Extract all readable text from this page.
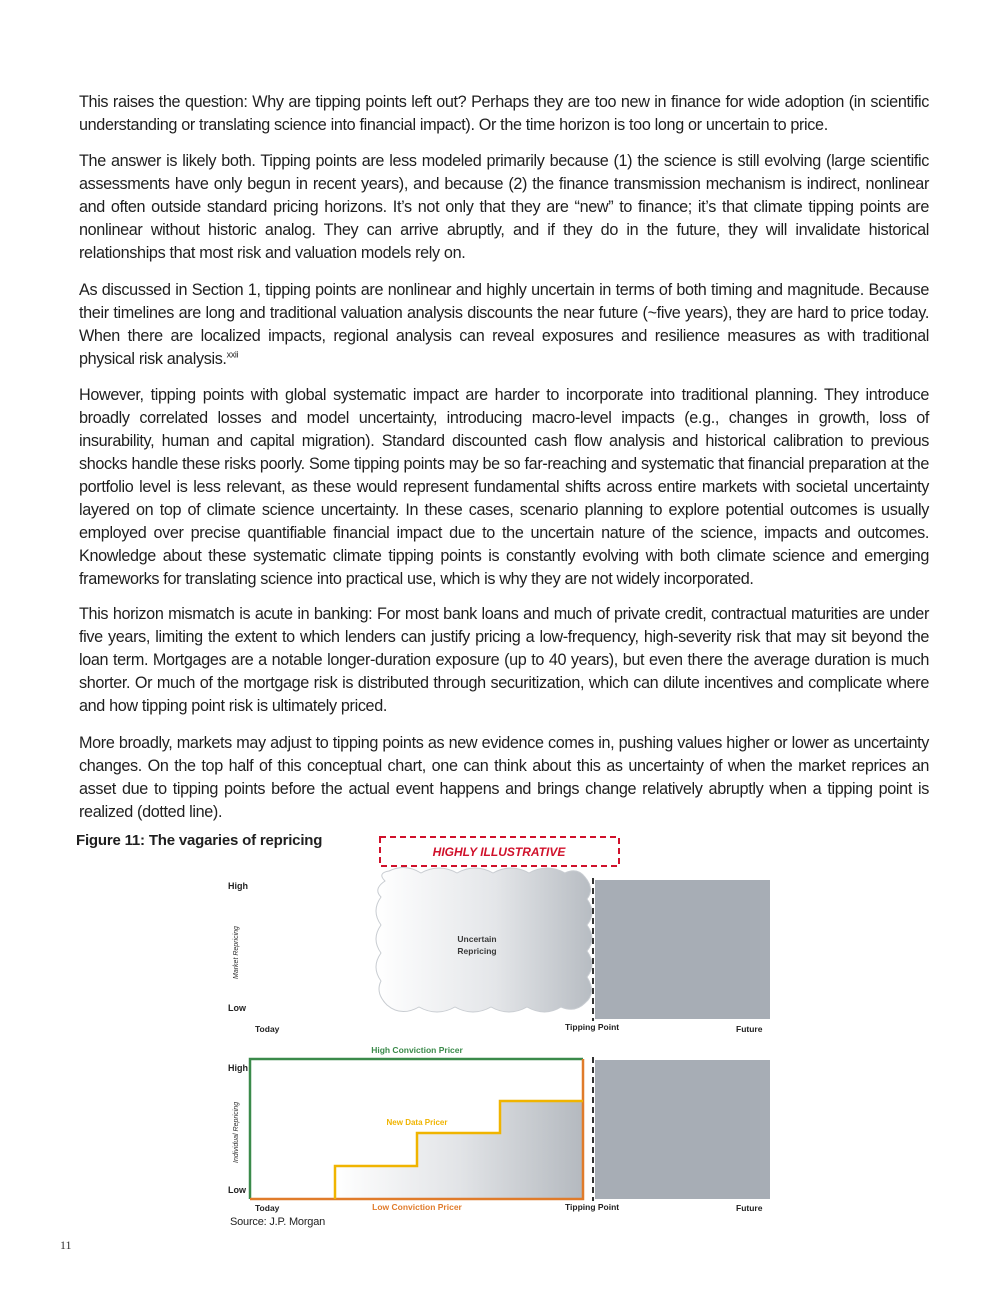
This raises the question: Why are tipping points left out? Perhaps they are too new in finance for wide adoption (in scientific understanding or translating science into financial impact). Or the time horizon is too long or uncertain to price.

The answer is likely both. Tipping points are less modeled primarily because (1) the science is still evolving (large scientific assessments have only begun in recent years), and because (2) the finance transmission mechanism is indirect, nonlinear and often outside standard pricing horizons. It’s not only that they are “new” to finance; it’s that climate tipping points are nonlinear without historic analog. They can arrive abruptly, and if they do in the future, they will invalidate historical relationships that most risk and valuation models rely on.

As discussed in Section 1, tipping points are nonlinear and highly uncertain in terms of both timing and magnitude. Because their timelines are long and traditional valuation analysis discounts the near future (~five years), they are hard to price today. When there are localized impacts, regional analysis can reveal exposures and resilience measures as with traditional physical risk analysis.$^{xxii}$

However, tipping points with global systematic impact are harder to incorporate into traditional planning. They introduce broadly correlated losses and model uncertainty, introducing macro-level impacts (e.g., changes in growth, loss of insurability, human and capital migration). Standard discounted cash flow analysis and historical calibration to previous shocks handle these risks poorly. Some tipping points may be so far-reaching and systematic that financial preparation at the portfolio level is less relevant, as these would represent fundamental shifts across entire markets with societal uncertainty layered on top of climate science uncertainty. In these cases, scenario planning to explore potential outcomes is usually employed over precise quantifiable financial impact due to the uncertain nature of the science, impacts and outcomes. Knowledge about these systematic climate tipping points is constantly evolving with both climate science and emerging frameworks for translating science into practical use, which is why they are not widely incorporated.

This horizon mismatch is acute in banking: For most bank loans and much of private credit, contractual maturities are under five years, limiting the extent to which lenders can justify pricing a low-frequency, high-severity risk that may sit beyond the loan term. Mortgages are a notable longer-duration exposure (up to 40 years), but even there the average duration is much shorter. Or much of the mortgage risk is distributed through securitization, which can dilute incentives and complicate where and how tipping point risk is ultimately priced.

More broadly, markets may adjust to tipping points as new evidence comes in, pushing values higher or lower as uncertainty changes. On the top half of this conceptual chart, one can think about this as uncertainty of when the market reprices an asset due to tipping points before the actual event happens and brings change relatively abruptly when a tipping point is realized (dotted line).

Figure 11: The vagaries of repricing
HIGHLY ILLUSTRATIVE
High
Low
Market Repricing	Uncertain
Repricing
Today	Tipping Point	Future
High Conviction Pricer
High
Low
Individual Repricing	New Data Pricer
Today	Low Conviction Pricer	Tipping Point	Future
Source: J.P. Morgan
11
